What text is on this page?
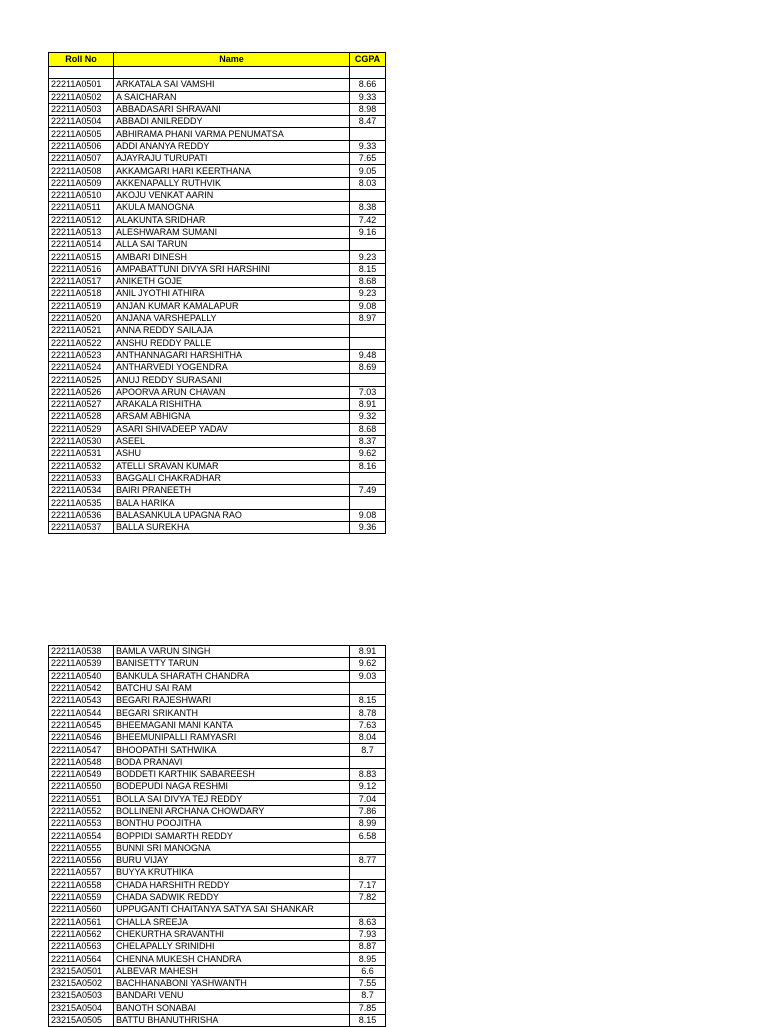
Roll No	Name	CGPA

22211A0501	ARKATALA SAI VAMSHI	8.66
22211A0502	A SAICHARAN	9.33
22211A0503	ABBADASARI SHRAVANI	8.98
22211A0504	ABBADI ANILREDDY	8.47
22211A0505	ABHIRAMA PHANI VARMA PENUMATSA	
22211A0506	ADDI ANANYA REDDY	9.33
22211A0507	AJAYRAJU TURUPATI	7.65
22211A0508	AKKAMGARI HARI KEERTHANA	9.05
22211A0509	AKKENAPALLY RUTHVIK	8.03
22211A0510	AKOJU VENKAT AARIN	
22211A0511	AKULA MANOGNA	8.38
22211A0512	ALAKUNTA SRIDHAR	7.42
22211A0513	ALESHWARAM SUMANI	9.16
22211A0514	ALLA SAI TARUN	
22211A0515	AMBARI DINESH	9.23
22211A0516	AMPABATTUNI DIVYA SRI HARSHINI	8.15
22211A0517	ANIKETH GOJE	8.68
22211A0518	ANIL JYOTHI ATHIRA	9.23
22211A0519	ANJAN KUMAR KAMALAPUR	9.08
22211A0520	ANJANA VARSHEPALLY	8.97
22211A0521	ANNA REDDY SAILAJA	
22211A0522	ANSHU REDDY PALLE	
22211A0523	ANTHANNAGARI HARSHITHA	9.48
22211A0524	ANTHARVEDI YOGENDRA	8.69
22211A0525	ANUJ REDDY SURASANI	
22211A0526	APOORVA ARUN CHAVAN	7.03
22211A0527	ARAKALA RISHITHA	8.91
22211A0528	ARSAM ABHIGNA	9.32
22211A0529	ASARI SHIVADEEP YADAV	8.68
22211A0530	ASEEL	8.37
22211A0531	ASHU	9.62
22211A0532	ATELLI SRAVAN KUMAR	8.16
22211A0533	BAGGALI CHAKRADHAR	
22211A0534	BAIRI PRANEETH	7.49
22211A0535	BALA HARIKA	
22211A0536	BALASANKULA UPAGNA RAO	9.08
22211A0537	BALLA SUREKHA	9.36
22211A0538	BAMLA VARUN SINGH	8.91
22211A0539	BANISETTY TARUN	9.62
22211A0540	BANKULA SHARATH CHANDRA	9.03
22211A0542	BATCHU SAI RAM	
22211A0543	BEGARI RAJESHWARI	8.15
22211A0544	BEGARI SRIKANTH	8.78
22211A0545	BHEEMAGANI MANI KANTA	7.63
22211A0546	BHEEMUNIPALLI RAMYASRI	8.04
22211A0547	BHOOPATHI SATHWIKA	8.7
22211A0548	BODA PRANAVI	
22211A0549	BODDETI KARTHIK SABAREESH	8.83
22211A0550	BODEPUDI NAGA RESHMI	9.12
22211A0551	BOLLA SAI DIVYA TEJ REDDY	7.04
22211A0552	BOLLINENI ARCHANA CHOWDARY	7.86
22211A0553	BONTHU POOJITHA	8.99
22211A0554	BOPPIDI SAMARTH REDDY	6.58
22211A0555	BUNNI SRI MANOGNA	
22211A0556	BURU VIJAY	8.77
22211A0557	BUYYA KRUTHIKA	
22211A0558	CHADA HARSHITH REDDY	7.17
22211A0559	CHADA SADWIK REDDY	7.82
22211A0560	UPPUGANTI CHAITANYA SATYA SAI SHANKAR	
22211A0561	CHALLA SREEJA	8.63
22211A0562	CHEKURTHA SRAVANTHI	7.93
22211A0563	CHELAPALLY SRINIDHI	8.87
22211A0564	CHENNA MUKESH CHANDRA	8.95
23215A0501	ALBEVAR MAHESH	6.6
23215A0502	BACHHANABONI YASHWANTH	7.55
23215A0503	BANDARI VENU	8.7
23215A0504	BANOTH SONABAI	7.85
23215A0505	BATTU BHANUTHRISHA	8.15
